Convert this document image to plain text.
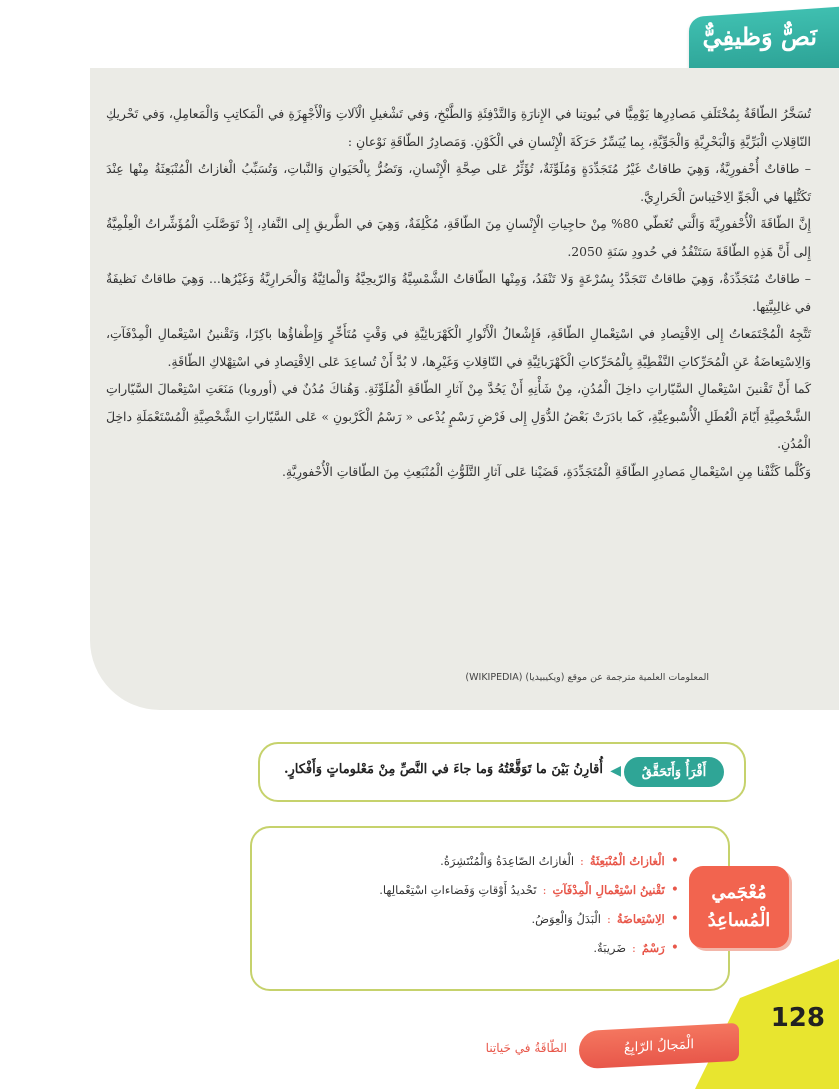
نَصٌّ وَظيفِيٌّ

تُسَخَّرُ الطّاقَةُ بِمُخْتَلَفِ مَصادِرِها يَوْمِيًّا في بُيوتِنا في الإِنارَةِ وَالتَّدْفِئَةِ وَالطَّبْخِ، وَفي تَشْغيلِ الْآلاتِ وَالْأَجْهِزَةِ في الْمَكاتِبِ وَالْمَعامِلِ، وَفي تَحْريكِ النّاقِلاتِ الْبَرِّيَّةِ وَالْبَحْرِيَّةِ وَالْجَوِّيَّةِ، بِما يُيَسِّرُ حَرَكَةَ الْإِنْسانِ في الْكَوْنِ. وَمَصادِرُ الطّاقَةِ نَوْعانِ :

– طاقاتٌ أُحْفورِيَّةٌ، وَهِيَ طاقاتٌ غَيْرُ مُتَجَدِّدَةٍ وَمُلَوِّثَةٌ، تُؤَثِّرُ عَلى صِحَّةِ الْإِنْسانِ، وَتَضُرُّ بِالْحَيَوانِ وَالنَّباتِ، وَتُسَبِّبُ الْغازاتُ الْمُنْبَعِثَةُ مِنْها عِنْدَ تَكَتُّلِها في الْجَوِّ الِاحْتِباسَ الْحَرارِيَّ.

إِنَّ الطّاقَةَ الْأُحْفورِيَّةَ وَالَّتي تُغَطّي 80% مِنْ حاجِياتِ الْإِنْسانِ مِنَ الطّاقَةِ، مُكْلِفَةٌ، وَهِيَ في الطَّريقِ إِلى النَّفادِ، إِذْ تَوَصَّلَتِ الْمُؤَشِّراتُ الْعِلْمِيَّةُ إِلى أَنَّ هَذِهِ الطّاقَةَ سَتَنْفُدُ في حُدودِ سَنَةِ 2050.

– طاقاتٌ مُتَجَدِّدَةٌ، وَهِيَ طاقاتٌ تَتَجَدَّدُ بِسُرْعَةٍ وَلا تَنْفَدُ، وَمِنْها الطّاقاتُ الشَّمْسِيَّةُ وَالرّيحِيَّةُ وَالْمائِيَّةُ وَالْحَرارِيَّةُ وَغَيْرُها... وَهِيَ طاقاتٌ نَظيفَةٌ في غالِبِيَّتِها.

تَتَّجِهُ الْمُجْتَمَعاتُ إِلى الِاقْتِصادِ في اسْتِعْمالِ الطّاقَةِ، فَإِشْعالُ الْأَنْوارِ الْكَهْرَبائِيَّةِ في وَقْتٍ مُتَأَخِّرٍ وَإِطْفاؤُها باكِرًا، وَتَقْنينُ اسْتِعْمالِ الْمِدْفَآتِ، وَالِاسْتِعاضَةُ عَنِ الْمُحَرِّكاتِ النَّفْطِيَّةِ بِالْمُحَرِّكاتِ الْكَهْرَبائِيَّةِ في النّاقِلاتِ وَغَيْرِها، لا بُدَّ أَنْ تُساعِدَ عَلى الِاقْتِصادِ في اسْتِهْلاكِ الطّاقَةِ.

كَما أَنَّ تَقْنينَ اسْتِعْمالِ السَّيّاراتِ داخِلَ الْمُدُنِ، مِنْ شَأْنِهِ أَنْ يَحُدَّ مِنْ آثارِ الطّاقَةِ الْمُلَوِّثَةِ. وَهُناكَ مُدُنٌ في (أوروبا) مَنَعَتِ اسْتِعْمالَ السَّيّاراتِ الشَّخْصِيَّةِ أَيّامَ الْعُطَلِ الْأُسْبوعِيَّةِ، كَما بادَرَتْ بَعْضُ الدُّوَلِ إِلى فَرْضِ رَسْمٍ يُدْعى « رَسْمُ الْكَرْبونِ » عَلى السَّيّاراتِ الشَّخْصِيَّةِ الْمُسْتَعْمَلَةِ داخِلَ الْمُدُنِ.

وَكُلَّما كَثَّفْنا مِنِ اسْتِعْمالِ مَصادِرِ الطّاقَةِ الْمُتَجَدِّدَةِ، قَضَيْنا عَلى آثارِ التَّلَوُّثِ الْمُنْبَعِثِ مِنَ الطّاقاتِ الْأُحْفورِيَّةِ.

المعلومات العلمية مترجمة عن موقع (ويكيبيديا) (WIKIPEDIA)
أَقْرَأُ وَأَتَحَقَّقُ
◀
أُقارِنُ بَيْنَ ما تَوَقَّعْتُهُ وَما جاءَ في النَّصِّ مِنْ مَعْلوماتٍ وَأَفْكارٍ.
•
الْغازاتُ الْمُنْبَعِثَةُ
:
الْغازاتُ الصّاعِدَةُ وَالْمُنْتَشِرَةُ.
•
تَقْنينُ اسْتِعْمالِ الْمِدْفَآتِ
:
تَحْديدُ أَوْقاتِ وَفَضاءاتِ اسْتِعْمالِها.
•
الِاسْتِعاضَةُ
:
الْبَدَلُ وَالْعِوَضُ.
•
رَسْمٌ
:
ضَريبَةٌ.
مُعْجَمي
الْمُساعِدُ
128
الْمَجالُ الرّابِعُ
الطّاقَةُ في حَياتِنا
